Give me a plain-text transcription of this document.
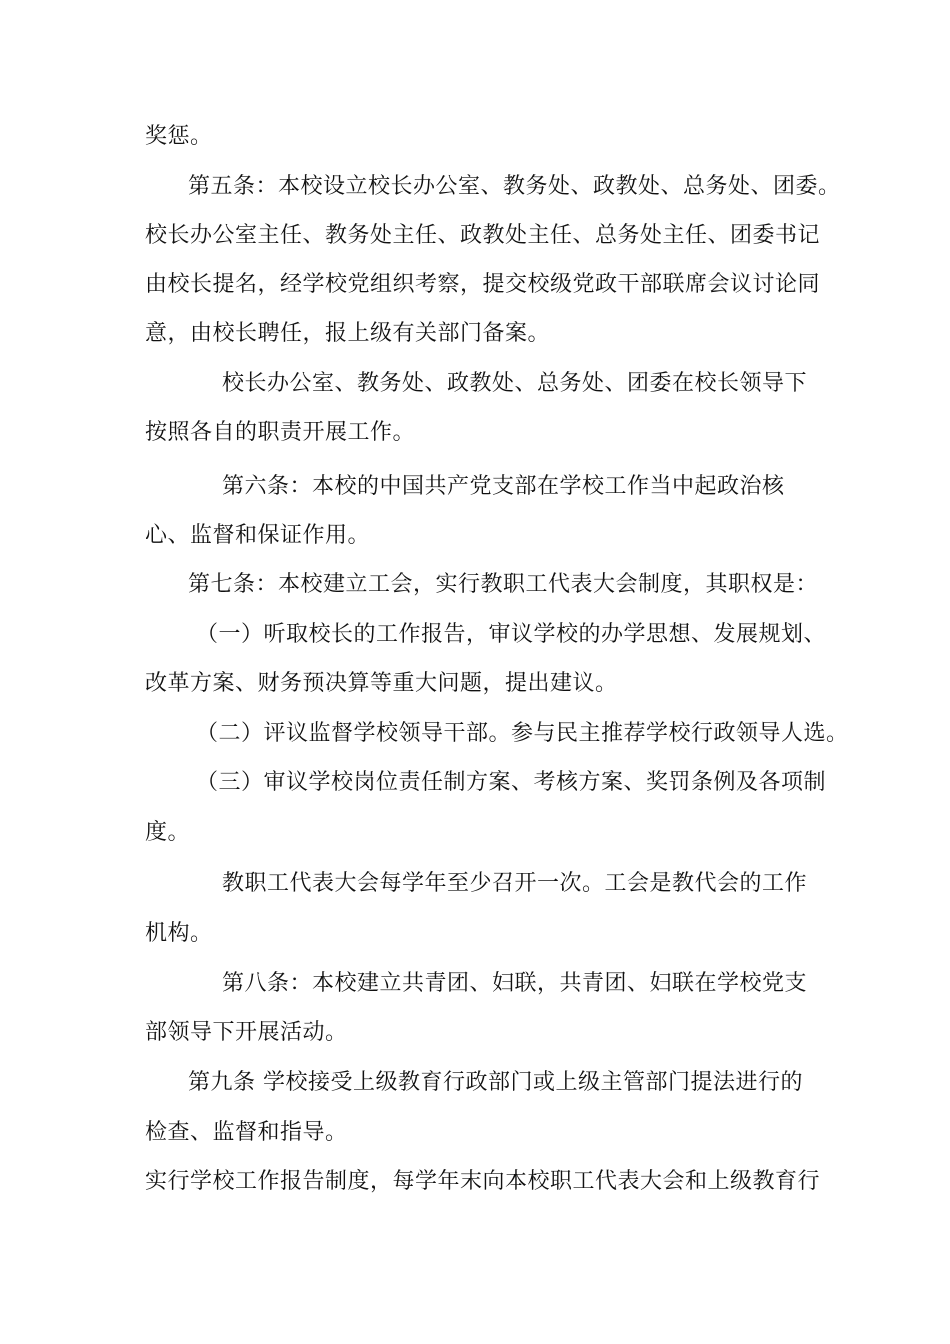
奖惩。
第五条：本校设立校长办公室、教务处、政教处、总务处、团委。
校长办公室主任、教务处主任、政教处主任、总务处主任、团委书记
由校长提名，经学校党组织考察，提交校级党政干部联席会议讨论同
意，由校长聘任，报上级有关部门备案。
校长办公室、教务处、政教处、总务处、团委在校长领导下
按照各自的职责开展工作。
第六条：本校的中国共产党支部在学校工作当中起政治核
心、监督和保证作用。
第七条：本校建立工会，实行教职工代表大会制度，其职权是：
（一）听取校长的工作报告，审议学校的办学思想、发展规划、
改革方案、财务预决算等重大问题，提出建议。
（二）评议监督学校领导干部。参与民主推荐学校行政领导人选。
（三）审议学校岗位责任制方案、考核方案、奖罚条例及各项制
度。
教职工代表大会每学年至少召开一次。工会是教代会的工作
机构。
第八条：本校建立共青团、妇联，共青团、妇联在学校党支
部领导下开展活动。
第九条 学校接受上级教育行政部门或上级主管部门提法进行的
检查、监督和指导。
实行学校工作报告制度，每学年末向本校职工代表大会和上级教育行
